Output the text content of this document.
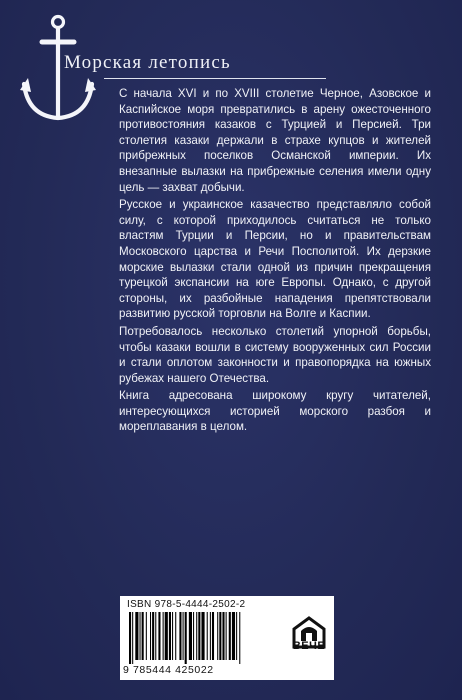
Морская летопись

С начала XVI и по XVIII столетие Черное, Азовское и Каспийское моря превратились в арену ожесточенного противостояния казаков с Турцией и Персией. Три столетия казаки держали в страхе купцов и жителей прибрежных поселков Османской империи. Их внезапные вылазки на прибрежные селения имели одну цель — захват добычи.

Русское и украинское казачество представляло собой силу, с которой приходилось считаться не только властям Турции и Персии, но и правительствам Московского царства и Речи Посполитой. Их дерзкие морские вылазки стали одной из причин прекращения турецкой экспансии на юге Европы. Однако, с другой стороны, их разбойные нападения препятствовали развитию русской торговли на Волге и Каспии.

Потребовалось несколько столетий упорной борьбы, чтобы казаки вошли в систему вооруженных сил России и стали оплотом законности и правопорядка на южных рубежах нашего Отечества.

Книга адресована широкому кругу читателей, интересующихся историей морского разбоя и мореплавания в целом.

ISBN 978-5-4444-2502-2
9 785444 425022
ВЕЧЕ
